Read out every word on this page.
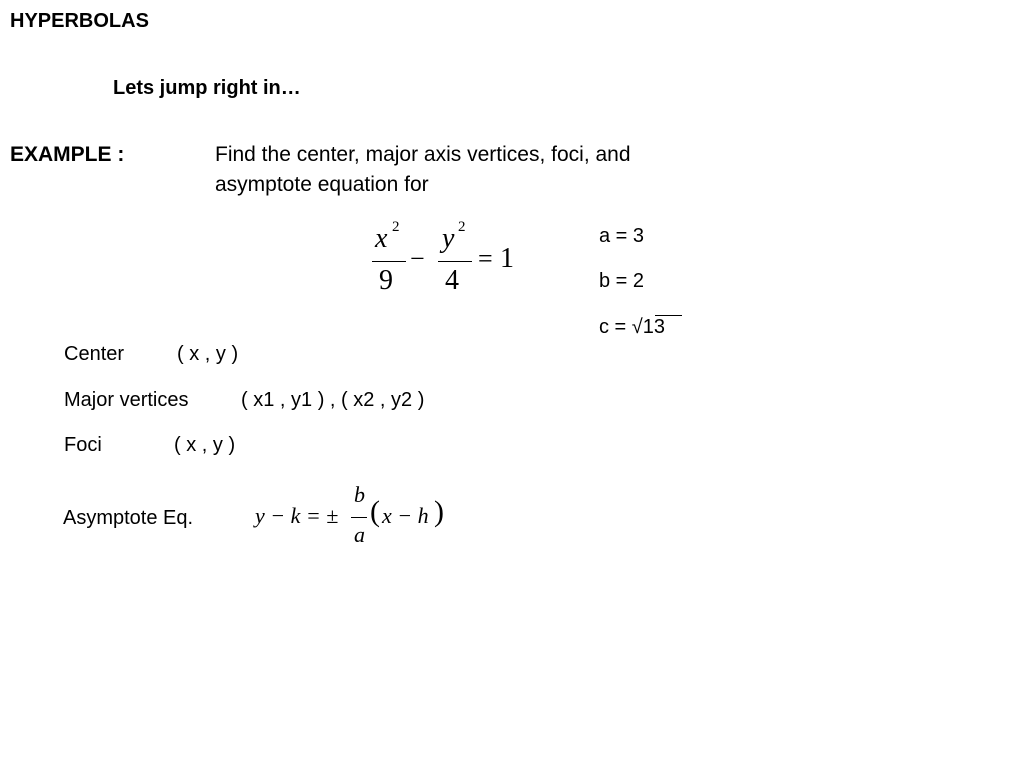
HYPERBOLAS
Lets jump right in…
EXAMPLE :	Find the center, major axis vertices, foci, and
asymptote equation for
x 2
9
−
y 2
4
= 1
a = 3
b = 2
c = √13
Center	( x , y )
Major vertices	( x1 , y1 ) , ( x2 , y2 )
Foci	( x , y )
Asymptote Eq.	y − k = ±
b
a
( x − h )
